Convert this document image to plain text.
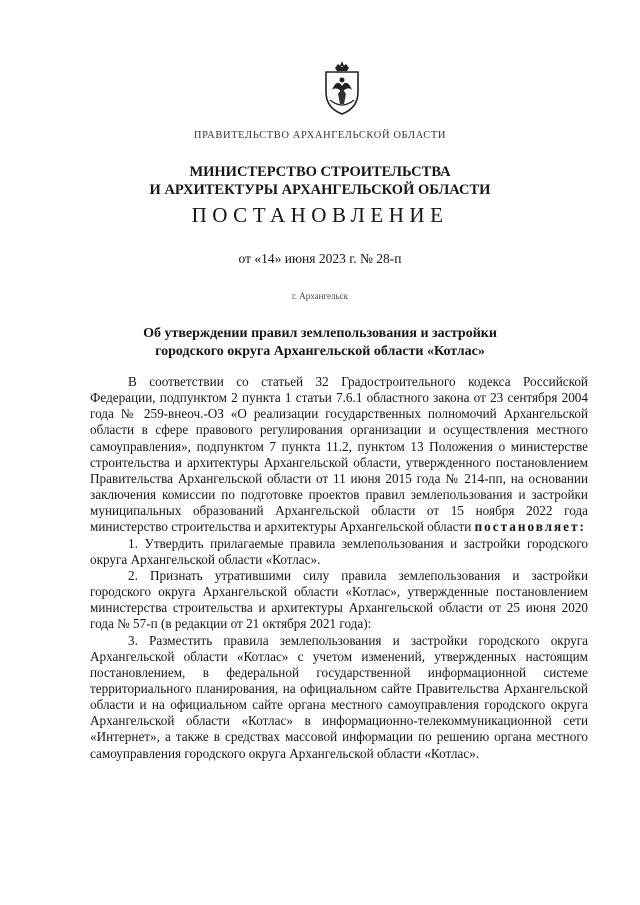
ПРАВИТЕЛЬСТВО АРХАНГЕЛЬСКОЙ ОБЛАСТИ
МИНИСТЕРСТВО СТРОИТЕЛЬСТВА
И АРХИТЕКТУРЫ АРХАНГЕЛЬСКОЙ ОБЛАСТИ
ПОСТАНОВЛЕНИЕ
от «14» июня 2023 г. № 28-п
г. Архангельск
Об утверждении правил землепользования и застройки
городского округа Архангельской области «Котлас»

В соответствии со статьей 32 Градостроительного кодекса Российской Федерации, подпунктом 2 пункта 1 статьи 7.6.1 областного закона от 23 сентября 2004 года № 259-внеоч.-ОЗ «О реализации государственных полномочий Архангельской области в сфере правового регулирования организации и осуществления местного самоуправления», подпунктом 7 пункта 11.2, пунктом 13 Положения о министерстве строительства и архитектуры Архангельской области, утвержденного постановлением Правительства Архангельской области от 11 июня 2015 года № 214-пп, на основании заключения комиссии по подготовке проектов правил землепользования и застройки муниципальных образований Архангельской области от 15 ноября 2022 года министерство строительства и архитектуры Архангельской области постановляет:

1. Утвердить прилагаемые правила землепользования и застройки городского округа Архангельской области «Котлас».

2. Признать утратившими силу правила землепользования и застройки городского округа Архангельской области «Котлас», утвержденные постановлением министерства строительства и архитектуры Архангельской области от 25 июня 2020 года № 57-п (в редакции от 21 октября 2021 года):

3. Разместить правила землепользования и застройки городского округа Архангельской области «Котлас» с учетом изменений, утвержденных настоящим постановлением, в федеральной государственной информационной системе территориального планирования, на официальном сайте Правительства Архангельской области и на официальном сайте органа местного самоуправления городского округа Архангельской области «Котлас» в информационно-телекоммуникационной сети «Интернет», а также в средствах массовой информации по решению органа местного самоуправления городского округа Архангельской области «Котлас».
